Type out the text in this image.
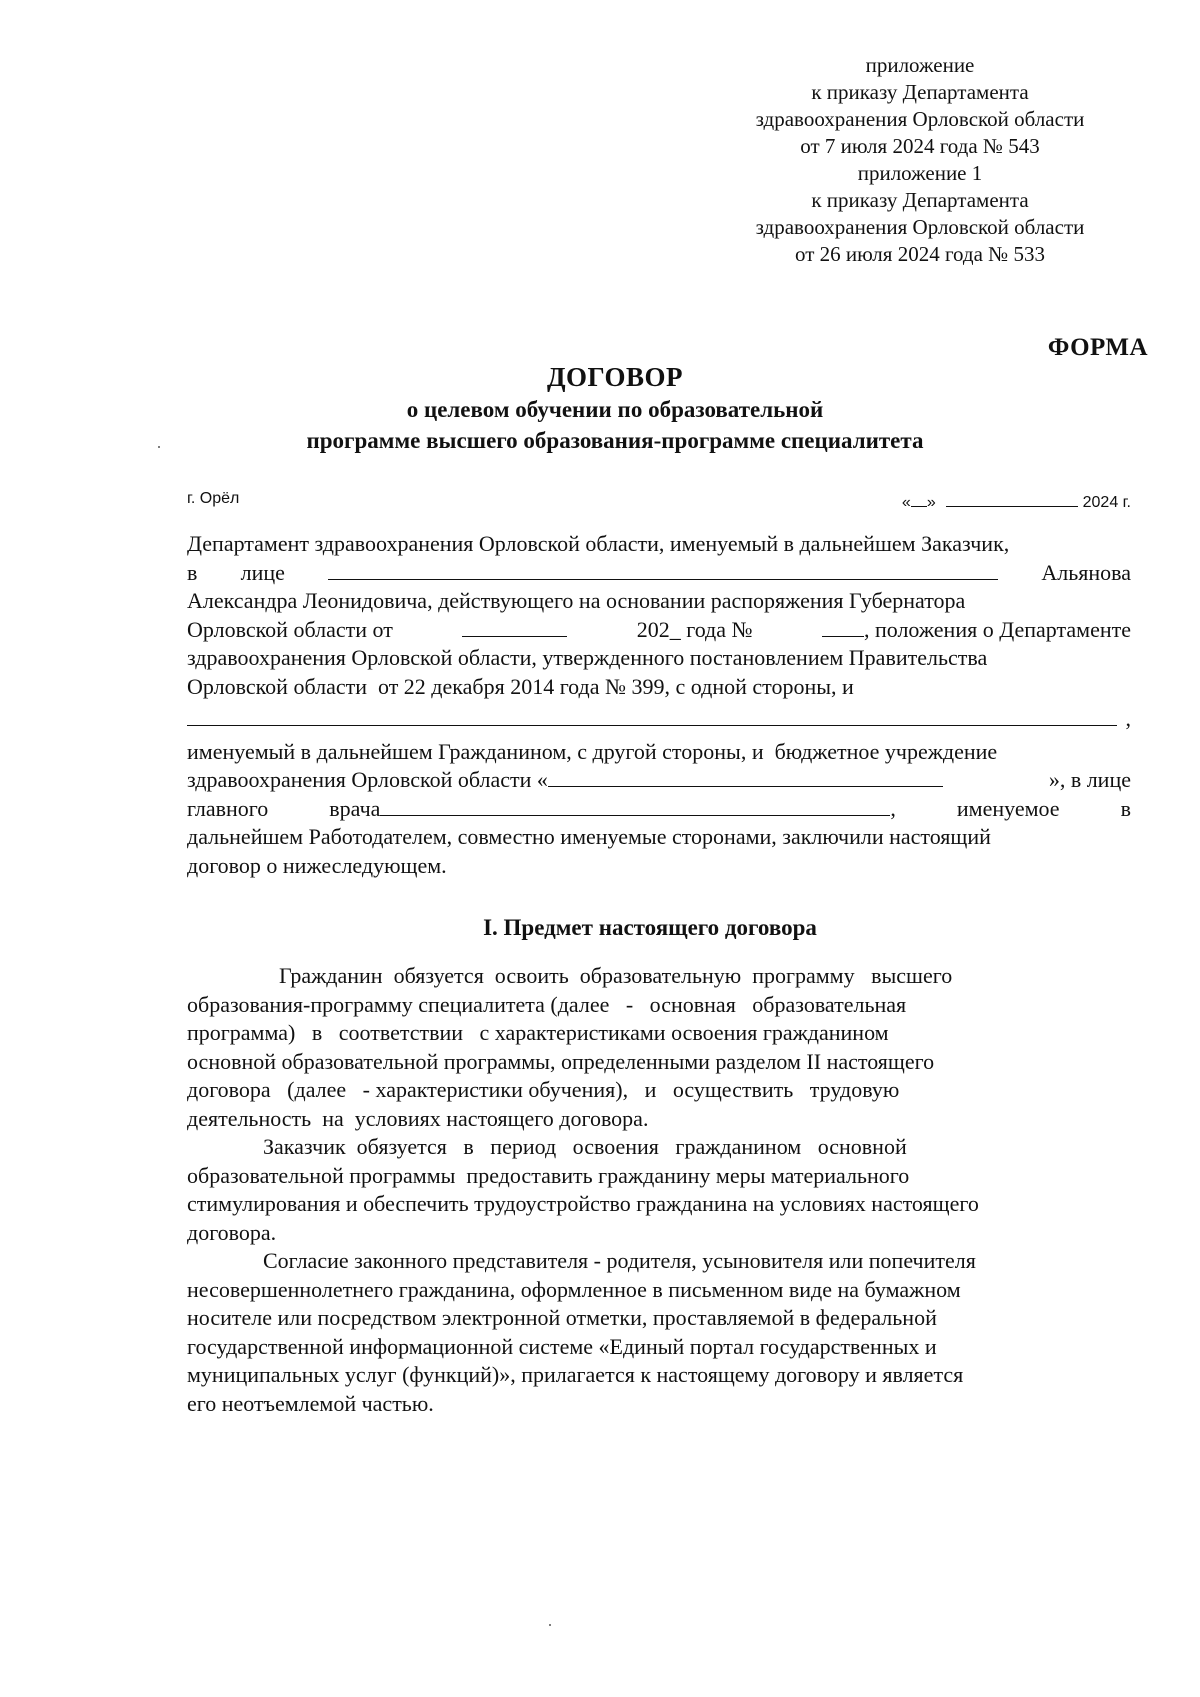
приложение
к приказу Департамента
здравоохранения Орловской области
от 7 июля 2024 года № 543
приложение 1
к приказу Департамента
здравоохранения Орловской области
от 26 июля 2024 года № 533
ФОРМА
ДОГОВОР
о целевом обучении по образовательной
программе высшего образования-программе специалитета
г. Орёл	« »	2024 г.
Департамент здравоохранения Орловской области, именуемый в дальнейшем Заказчик,
в лице	Альянова
Александра Леонидовича, действующего на основании распоряжения Губернатора
Орловской области от	202_ года №	, положения о Департаменте
здравоохранения Орловской области, утвержденного постановлением Правительства
Орловской области  от 22 декабря 2014 года № 399, с одной стороны, и
,
именуемый в дальнейшем Гражданином, с другой стороны, и  бюджетное учреждение
здравоохранения Орловской области «	», в лице
главного	врача	,	именуемое	в
дальнейшем Работодателем, совместно именуемые сторонами, заключили настоящий
договор о нижеследующем.
I. Предмет настоящего договора
Гражданин  обязуется  освоить  образовательную  программу   высшего
образования-программу специалитета (далее   -   основная   образовательная
программа)   в   соответствии   с характеристиками освоения гражданином
основной образовательной программы, определенными разделом II настоящего
договора   (далее   - характеристики обучения),   и   осуществить   трудовую
деятельность  на  условиях настоящего договора.
Заказчик  обязуется   в   период   освоения   гражданином   основной
образовательной программы  предоставить гражданину меры материального
стимулирования и обеспечить трудоустройство гражданина на условиях настоящего
договора.
Согласие законного представителя - родителя, усыновителя или попечителя
несовершеннолетнего гражданина, оформленное в письменном виде на бумажном
носителе или посредством электронной отметки, проставляемой в федеральной
государственной информационной системе «Единый портал государственных и
муниципальных услуг (функций)», прилагается к настоящему договору и является
его неотъемлемой частью.
